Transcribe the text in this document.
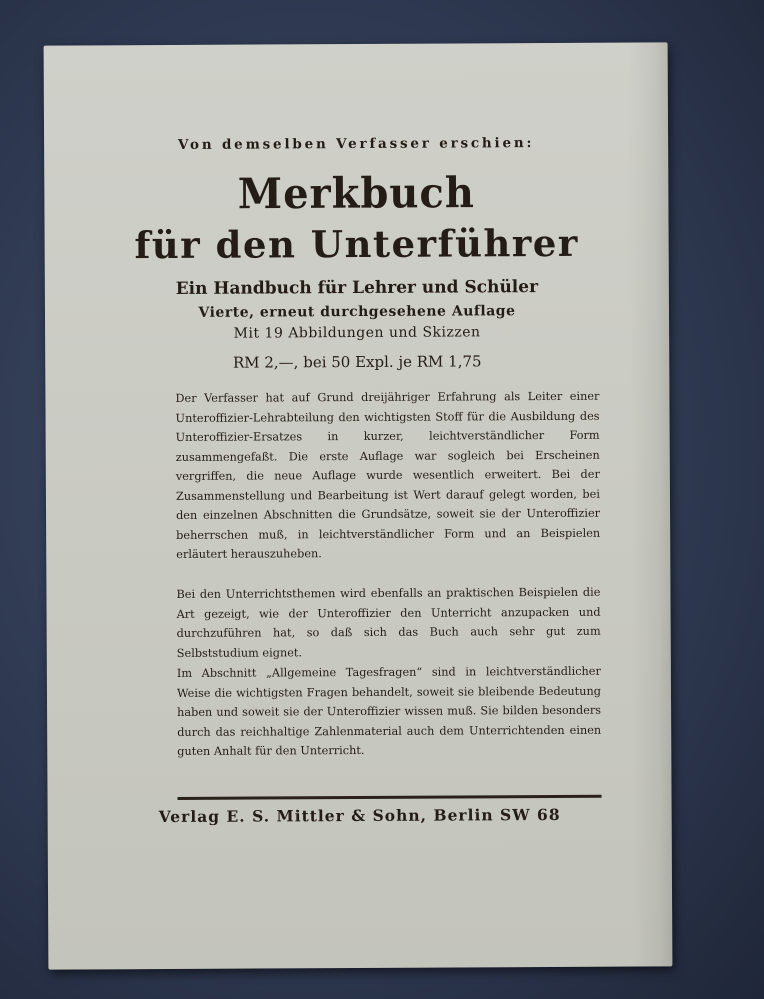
Von demselben Verfasser erschien:
Merkbuch
für den Unterführer
Ein Handbuch für Lehrer und Schüler
Vierte, erneut durchgesehene Auflage
Mit 19 Abbildungen und Skizzen
RM 2,—, bei 50 Expl. je RM 1,75
Der Verfasser hat auf Grund dreijähriger Erfahrung als Leiter einer Unteroffizier-Lehrabteilung den wichtigsten Stoff für die Ausbildung des Unteroffizier-Ersatzes in kurzer, leichtverständlicher Form zusammengefaßt. Die erste Auflage war sogleich bei Erscheinen vergriffen, die neue Auflage wurde wesentlich erweitert. Bei der Zusammenstellung und Bearbeitung ist Wert darauf gelegt worden, bei den einzelnen Abschnitten die Grundsätze, soweit sie der Unteroffizier beherrschen muß, in leichtverständlicher Form und an Beispielen erläutert herauszuheben.
Bei den Unterrichtsthemen wird ebenfalls an praktischen Beispielen die Art gezeigt, wie der Unteroffizier den Unterricht anzupacken und durchzuführen hat, so daß sich das Buch auch sehr gut zum Selbststudium eignet.
Im Abschnitt „Allgemeine Tagesfragen“ sind in leichtverständlicher Weise die wichtigsten Fragen behandelt, soweit sie bleibende Bedeutung haben und soweit sie der Unteroffizier wissen muß. Sie bilden besonders durch das reichhaltige Zahlenmaterial auch dem Unterrichtenden einen guten Anhalt für den Unterricht.
Verlag E. S. Mittler & Sohn, Berlin SW 68
